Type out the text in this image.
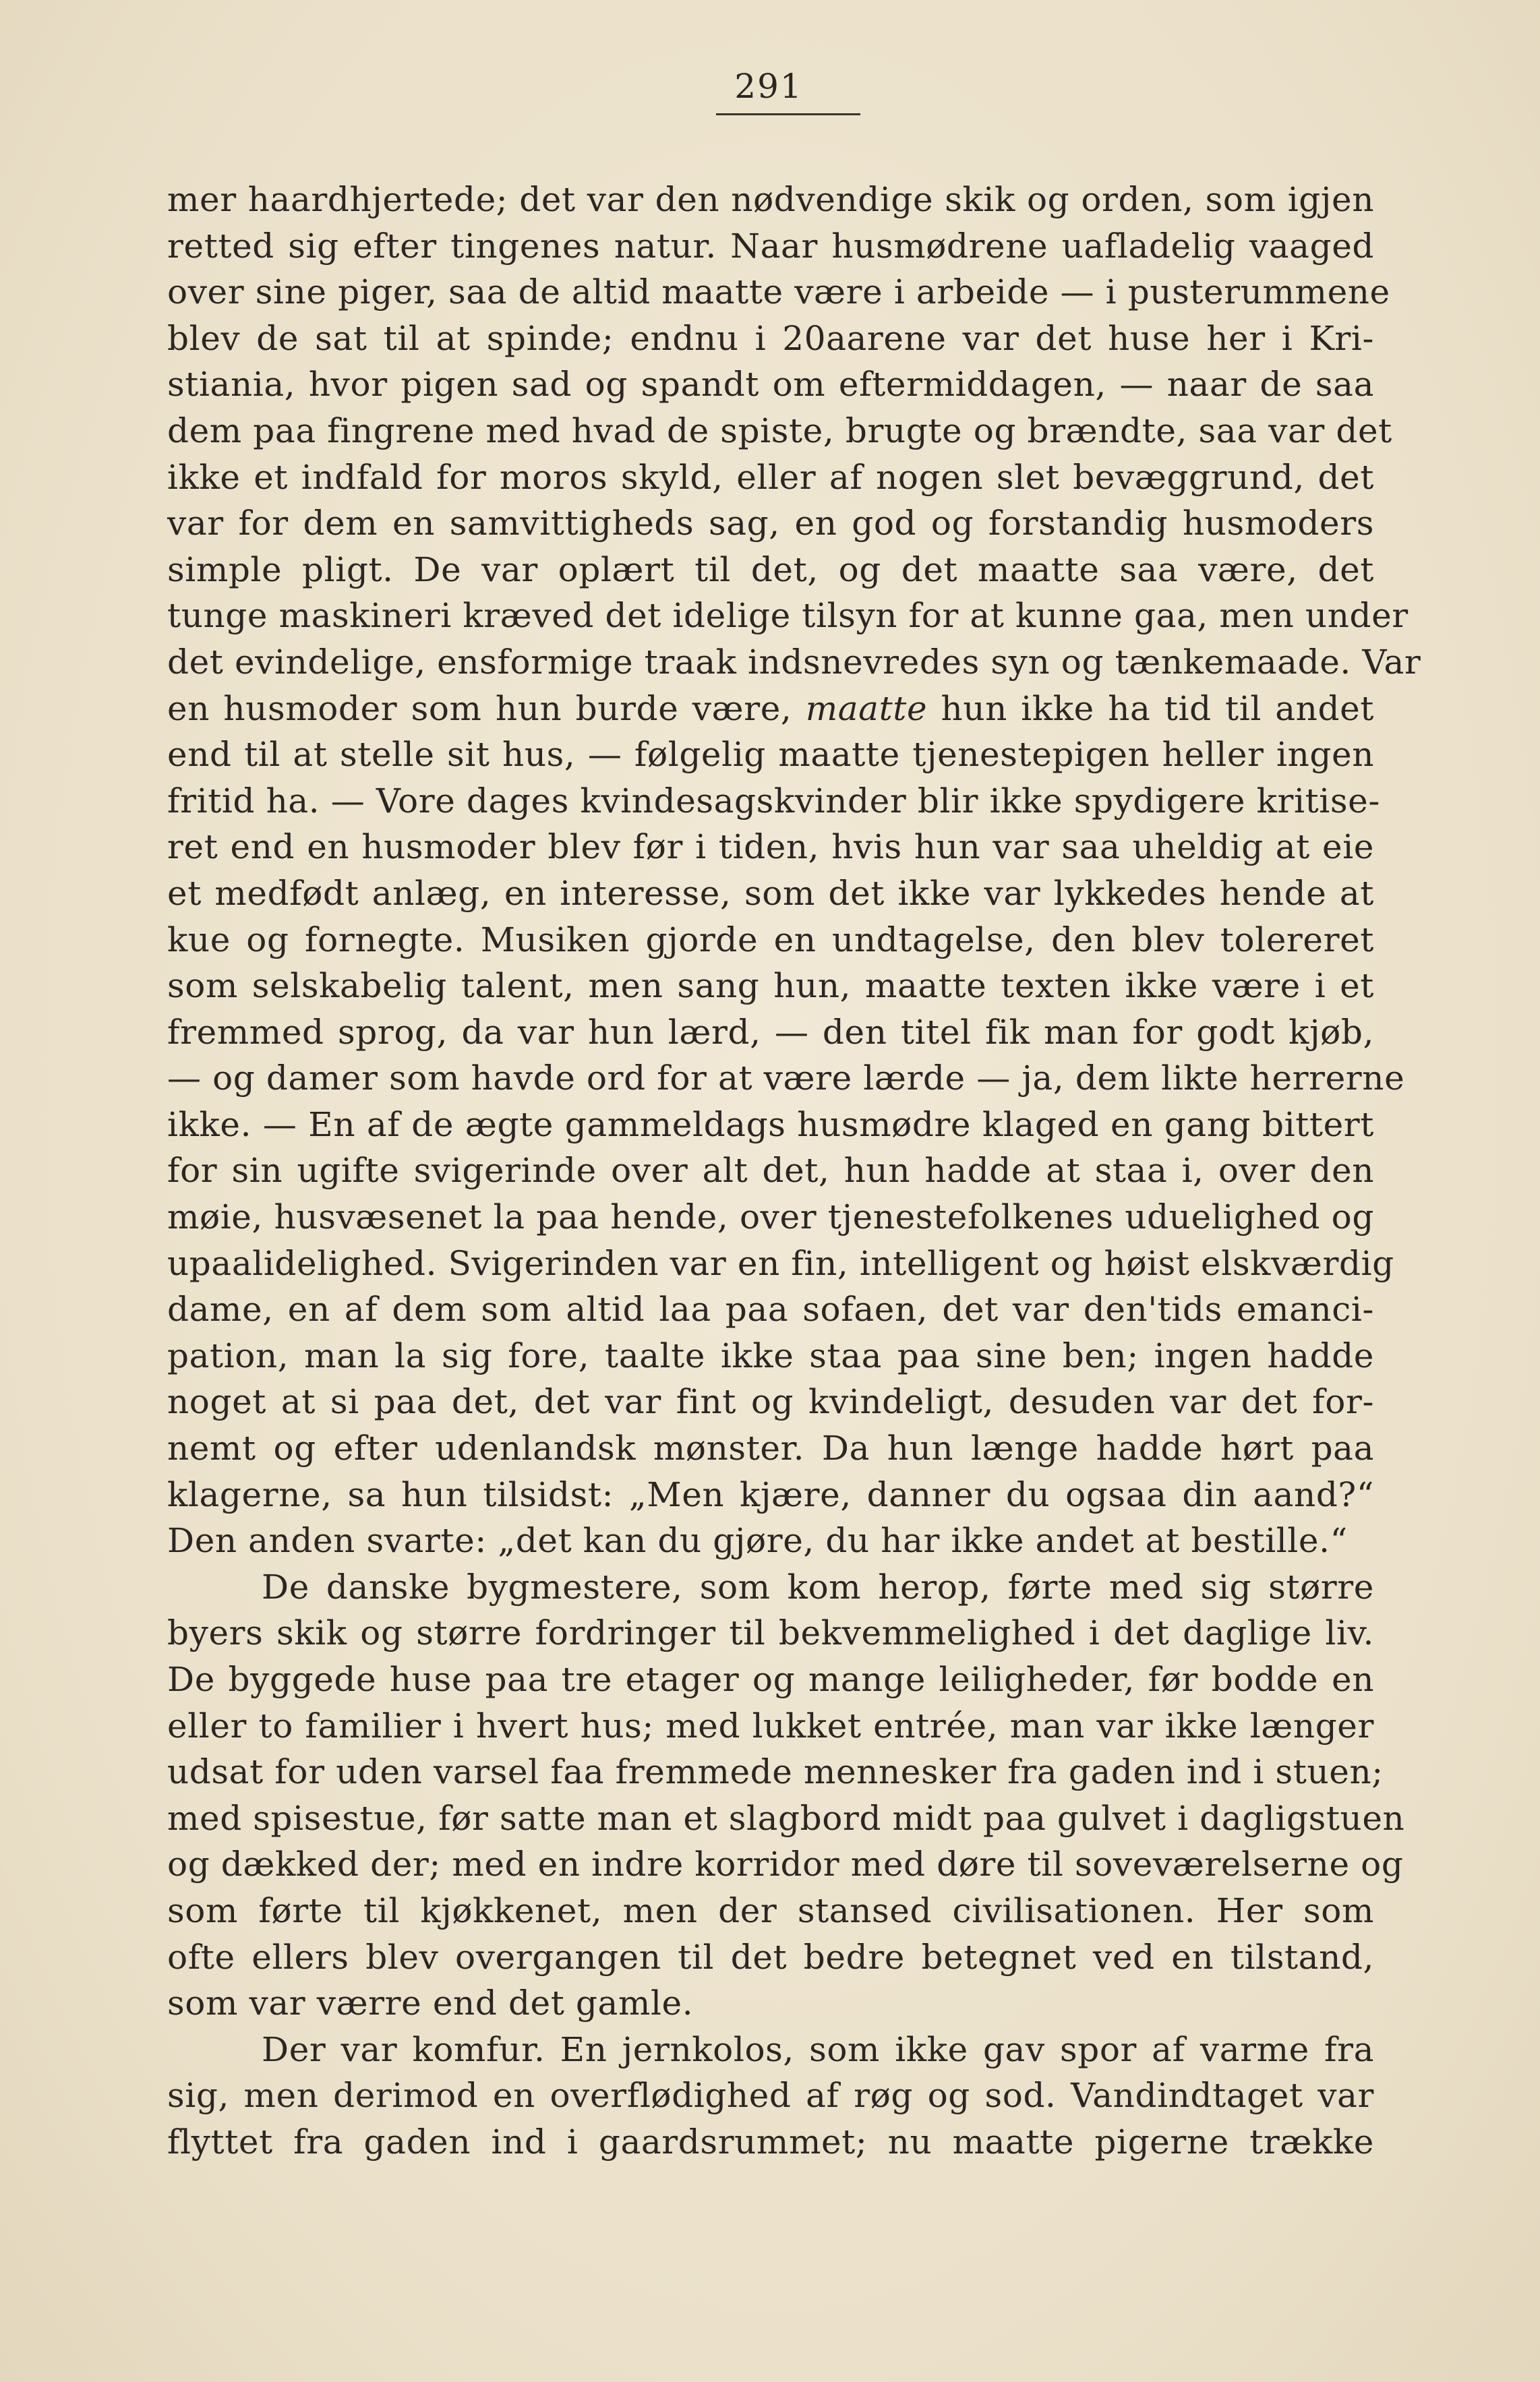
291
mer haardhjertede; det var den nødvendige skik og orden, som igjen
retted sig efter tingenes natur. Naar husmødrene uafladelig vaaged
over sine piger, saa de altid maatte være i arbeide — i pusterummene
blev de sat til at spinde; endnu i 20aarene var det huse her i Kri-
stiania, hvor pigen sad og spandt om eftermiddagen, — naar de saa
dem paa fingrene med hvad de spiste, brugte og brændte, saa var det
ikke et indfald for moros skyld, eller af nogen slet bevæggrund, det
var for dem en samvittigheds sag, en god og forstandig husmoders
simple pligt. De var oplært til det, og det maatte saa være, det
tunge maskineri kræved det idelige tilsyn for at kunne gaa, men under
det evindelige, ensformige traak indsnevredes syn og tænkemaade. Var
en husmoder som hun burde være, maatte hun ikke ha tid til andet
end til at stelle sit hus, — følgelig maatte tjenestepigen heller ingen
fritid ha. — Vore dages kvindesagskvinder blir ikke spydigere kritise-
ret end en husmoder blev før i tiden, hvis hun var saa uheldig at eie
et medfødt anlæg, en interesse, som det ikke var lykkedes hende at
kue og fornegte. Musiken gjorde en undtagelse, den blev tolereret
som selskabelig talent, men sang hun, maatte texten ikke være i et
fremmed sprog, da var hun lærd, — den titel fik man for godt kjøb,
— og damer som havde ord for at være lærde — ja, dem likte herrerne
ikke. — En af de ægte gammeldags husmødre klaged en gang bittert
for sin ugifte svigerinde over alt det, hun hadde at staa i, over den
møie, husvæsenet la paa hende, over tjenestefolkenes uduelighed og
upaalidelighed. Svigerinden var en fin, intelligent og høist elskværdig
dame, en af dem som altid laa paa sofaen, det var den'tids emanci-
pation, man la sig fore, taalte ikke staa paa sine ben; ingen hadde
noget at si paa det, det var fint og kvindeligt, desuden var det for-
nemt og efter udenlandsk mønster. Da hun længe hadde hørt paa
klagerne, sa hun tilsidst: „Men kjære, danner du ogsaa din aand?“
Den anden svarte: „det kan du gjøre, du har ikke andet at bestille.“
De danske bygmestere, som kom herop, førte med sig større
byers skik og større fordringer til bekvemmelighed i det daglige liv.
De byggede huse paa tre etager og mange leiligheder, før bodde en
eller to familier i hvert hus; med lukket entrée, man var ikke længer
udsat for uden varsel faa fremmede mennesker fra gaden ind i stuen;
med spisestue, før satte man et slagbord midt paa gulvet i dagligstuen
og dækked der; med en indre korridor med døre til soveværelserne og
som førte til kjøkkenet, men der stansed civilisationen. Her som
ofte ellers blev overgangen til det bedre betegnet ved en tilstand,
som var værre end det gamle.
Der var komfur. En jernkolos, som ikke gav spor af varme fra
sig, men derimod en overflødighed af røg og sod. Vandindtaget var
flyttet fra gaden ind i gaardsrummet; nu maatte pigerne trække
